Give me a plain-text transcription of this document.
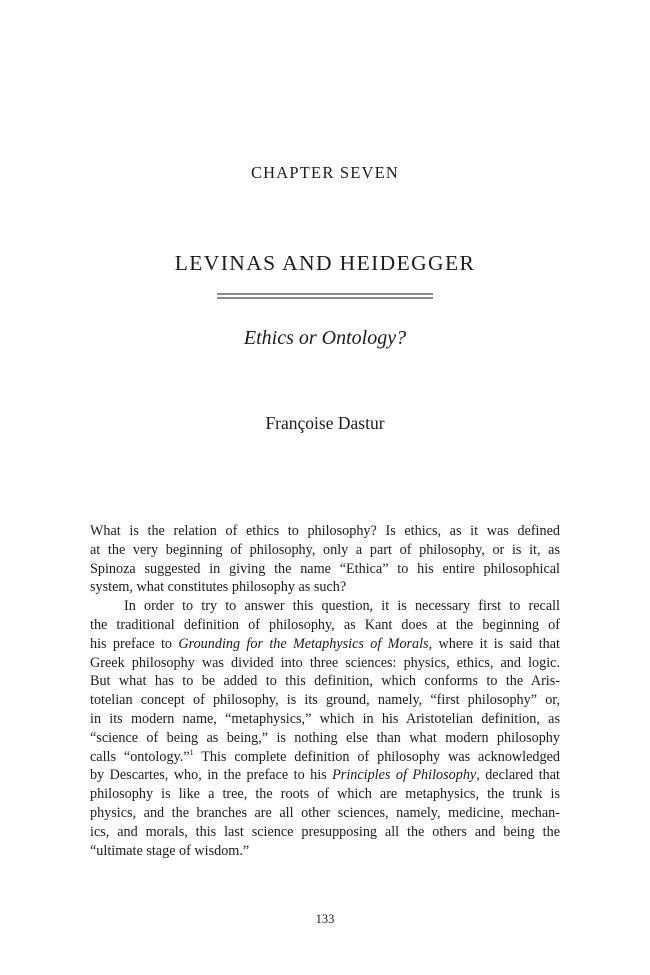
CHAPTER SEVEN
LEVINAS AND HEIDEGGER
Ethics or Ontology?
Françoise Dastur
What is the relation of ethics to philosophy? Is ethics, as it was defined
at the very beginning of philosophy, only a part of philosophy, or is it, as
Spinoza suggested in giving the name “Ethica” to his entire philosophical
system, what constitutes philosophy as such?
In order to try to answer this question, it is necessary first to recall
the traditional definition of philosophy, as Kant does at the beginning of
his preface to Grounding for the Metaphysics of Morals, where it is said that
Greek philosophy was divided into three sciences: physics, ethics, and logic.
But what has to be added to this definition, which conforms to the Aris-
totelian concept of philosophy, is its ground, namely, “first philosophy” or,
in its modern name, “metaphysics,” which in his Aristotelian definition, as
“science of being as being,” is nothing else than what modern philosophy
calls “ontology.”$^1$ This complete definition of philosophy was acknowledged
by Descartes, who, in the preface to his Principles of Philosophy, declared that
philosophy is like a tree, the roots of which are metaphysics, the trunk is
physics, and the branches are all other sciences, namely, medicine, mechan-
ics, and morals, this last science presupposing all the others and being the
“ultimate stage of wisdom.”
133
